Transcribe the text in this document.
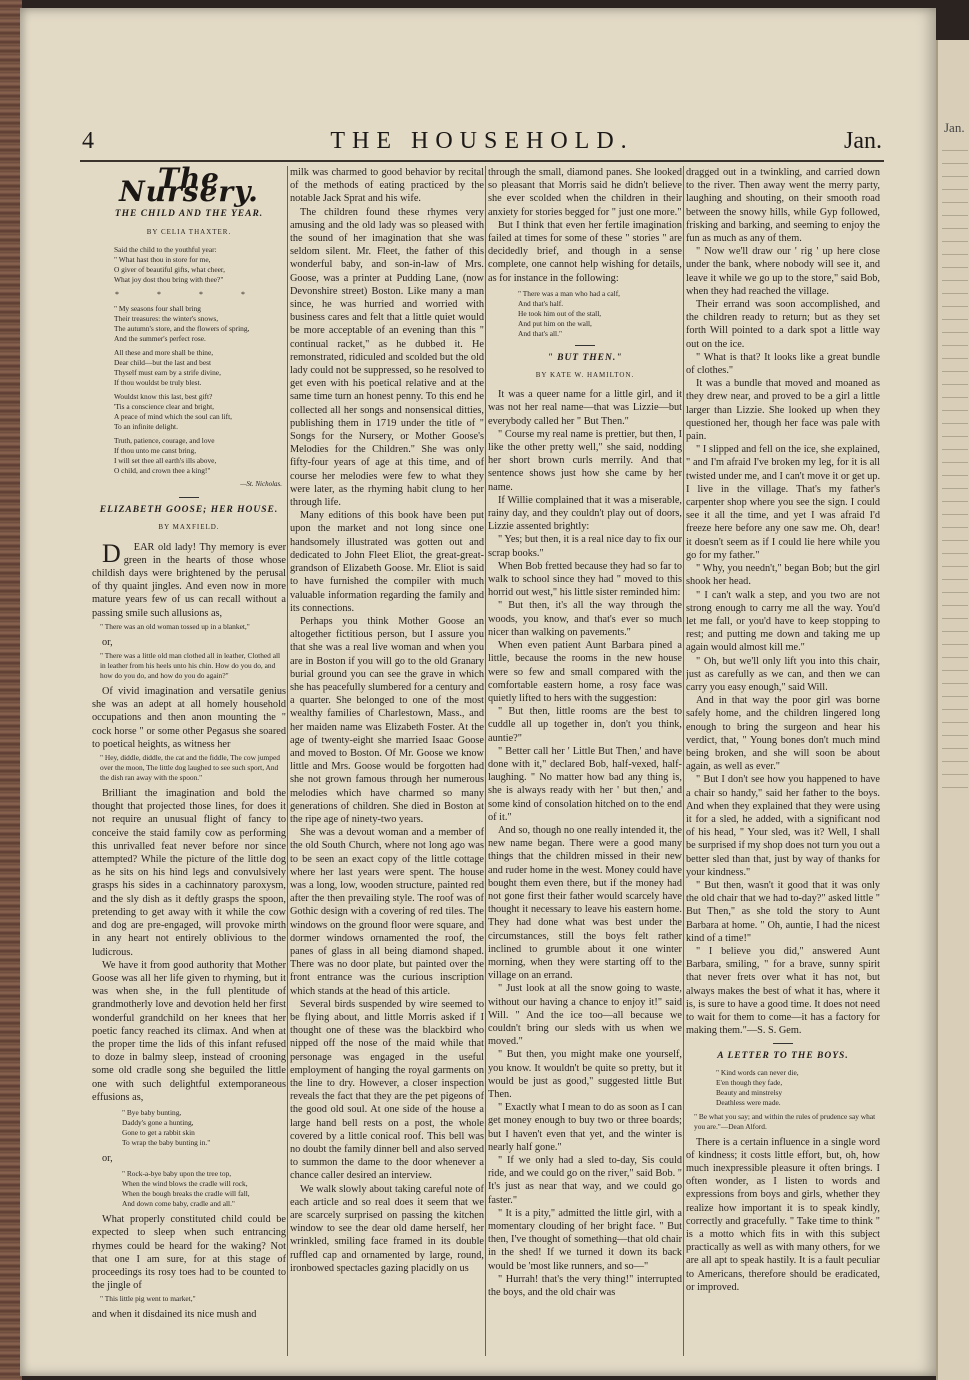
Jan.
4	THE HOUSEHOLD.	Jan.
The Nursery.
THE CHILD AND THE YEAR.
BY CELIA THAXTER.
Said the child to the youthful year:
" What hast thou in store for me,
O giver of beautiful gifts, what cheer,
What joy dost thou bring with thee?"
* * * *
" My seasons four shall bring
Their treasures: the winter's snows,
The autumn's store, and the flowers of spring,
And the summer's perfect rose.
All these and more shall be thine,
Dear child—but the last and best
Thyself must earn by a strife divine,
If thou wouldst be truly blest.
Wouldst know this last, best gift?
'Tis a conscience clear and bright,
A peace of mind which the soul can lift,
To an infinite delight.
Truth, patience, courage, and love
If thou unto me canst bring,
I will set thee all earth's ills above,
O child, and crown thee a king!"
—St. Nicholas.
ELIZABETH GOOSE; HER HOUSE.
BY MAXFIELD.

D EAR old lady! Thy memory is ever green in the hearts of those whose childish days were brightened by the perusal of thy quaint jingles. And even now in more mature years few of us can recall without a passing smile such allusions as,

" There was an old woman tossed up in a blanket,"

or,

" There was a little old man clothed all in leather, Clothed all in leather from his heels unto his chin. How do you do, and how do you do, and how do you do again?"

Of vivid imagination and versatile genius she was an adept at all homely household occupations and then anon mounting the " cock horse " or some other Pegasus she soared to poetical heights, as witness her

" Hey, diddle, diddle, the cat and the fiddle, The cow jumped over the moon, The little dog laughed to see such sport, And the dish ran away with the spoon."

Brilliant the imagination and bold the thought that projected those lines, for does it not require an unusual flight of fancy to conceive the staid family cow as performing this unrivalled feat never before nor since attempted? While the picture of the little dog as he sits on his hind legs and convulsively grasps his sides in a cachinnatory paroxysm, and the sly dish as it deftly grasps the spoon, pretending to get away with it while the cow and dog are pre-engaged, will provoke mirth in any heart not entirely oblivious to the ludicrous.

We have it from good authority that Mother Goose was all her life given to rhyming, but it was when she, in the full plentitude of grandmotherly love and devotion held her first wonderful grandchild on her knees that her poetic fancy reached its climax. And when at the proper time the lids of this infant refused to doze in balmy sleep, instead of crooning some old cradle song she beguiled the little one with such delightful extemporaneous effusions as,

" Bye baby bunting,
Daddy's gone a hunting,
Gone to get a rabbit skin
To wrap the baby bunting in."

or,

" Rock-a-bye baby upon the tree top,
When the wind blows the cradle will rock,
When the bough breaks the cradle will fall,
And down come baby, cradle and all."

What properly constituted child could be expected to sleep when such entrancing rhymes could be heard for the waking? Not that one I am sure, for at this stage of proceedings its rosy toes had to be counted to the jingle of

" This little pig went to market,"

and when it disdained its nice mush and

milk was charmed to good behavior by recital of the methods of eating practiced by the notable Jack Sprat and his wife.

The children found these rhymes very amusing and the old lady was so pleased with the sound of her imagination that she was seldom silent. Mr. Fleet, the father of this wonderful baby, and son-in-law of Mrs. Goose, was a printer at Pudding Lane, (now Devonshire street) Boston. Like many a man since, he was hurried and worried with business cares and felt that a little quiet would be more acceptable of an evening than this " continual racket," as he dubbed it. He remonstrated, ridiculed and scolded but the old lady could not be suppressed, so he resolved to get even with his poetical relative and at the same time turn an honest penny. To this end he collected all her songs and nonsensical ditties, publishing them in 1719 under the title of " Songs for the Nursery, or Mother Goose's Melodies for the Children." She was only fifty-four years of age at this time, and of course her melodies were few to what they were later, as the rhyming habit clung to her through life.

Many editions of this book have been put upon the market and not long since one handsomely illustrated was gotten out and dedicated to John Fleet Eliot, the great-great-grandson of Elizabeth Goose. Mr. Eliot is said to have furnished the compiler with much valuable information regarding the family and its connections.

Perhaps you think Mother Goose an altogether fictitious person, but I assure you that she was a real live woman and when you are in Boston if you will go to the old Granary burial ground you can see the grave in which she has peacefully slumbered for a century and a quarter. She belonged to one of the most wealthy families of Charlestown, Mass., and her maiden name was Elizabeth Foster. At the age of twenty-eight she married Isaac Goose and moved to Boston. Of Mr. Goose we know little and Mrs. Goose would be forgotten had she not grown famous through her numerous melodies which have charmed so many generations of children. She died in Boston at the ripe age of ninety-two years.

She was a devout woman and a member of the old South Church, where not long ago was to be seen an exact copy of the little cottage where her last years were spent. The house was a long, low, wooden structure, painted red after the then prevailing style. The roof was of Gothic design with a covering of red tiles. The windows on the ground floor were square, and dormer windows ornamented the roof, the panes of glass in all being diamond shaped. There was no door plate, but painted over the front entrance was the curious inscription which stands at the head of this article.

Several birds suspended by wire seemed to be flying about, and little Morris asked if I thought one of these was the blackbird who nipped off the nose of the maid while that personage was engaged in the useful employment of hanging the royal garments on the line to dry. However, a closer inspection reveals the fact that they are the pet pigeons of the good old soul. At one side of the house a large hand bell rests on a post, the whole covered by a little conical roof. This bell was no doubt the family dinner bell and also served to summon the dame to the door whenever a chance caller desired an interview.

We walk slowly about taking careful note of each article and so real does it seem that we are scarcely surprised on passing the kitchen window to see the dear old dame herself, her wrinkled, smiling face framed in its double ruffled cap and ornamented by large, round, ironbowed spectacles gazing placidly on us

through the small, diamond panes. She looked so pleasant that Morris said he didn't believe she ever scolded when the children in their anxiety for stories begged for " just one more."

But I think that even her fertile imagination failed at times for some of these " stories " are decidedly brief, and though in a sense complete, one cannot help wishing for details, as for instance in the following:

" There was a man who had a calf,
And that's half.
He took him out of the stall,
And put him on the wall,
And that's all."
" BUT THEN."
BY KATE W. HAMILTON.

It was a queer name for a little girl, and it was not her real name—that was Lizzie—but everybody called her " But Then."

" Course my real name is prettier, but then, I like the other pretty well," she said, nodding her short brown curls merrily. And that sentence shows just how she came by her name.

If Willie complained that it was a miserable, rainy day, and they couldn't play out of doors, Lizzie assented brightly:

" Yes; but then, it is a real nice day to fix our scrap books."

When Bob fretted because they had so far to walk to school since they had " moved to this horrid out west," his little sister reminded him:

" But then, it's all the way through the woods, you know, and that's ever so much nicer than walking on pavements."

When even patient Aunt Barbara pined a little, because the rooms in the new house were so few and small compared with the comfortable eastern home, a rosy face was quietly lifted to hers with the suggestion:

" But then, little rooms are the best to cuddle all up together in, don't you think, auntie?"

" Better call her ' Little But Then,' and have done with it," declared Bob, half-vexed, half-laughing. " No matter how bad any thing is, she is always ready with her ' but then,' and some kind of consolation hitched on to the end of it."

And so, though no one really intended it, the new name began. There were a good many things that the children missed in their new and ruder home in the west. Money could have bought them even there, but if the money had not gone first their father would scarcely have thought it necessary to leave his eastern home. They had done what was best under the circumstances, still the boys felt rather inclined to grumble about it one winter morning, when they were starting off to the village on an errand.

" Just look at all the snow going to waste, without our having a chance to enjoy it!" said Will. " And the ice too—all because we couldn't bring our sleds with us when we moved."

" But then, you might make one yourself, you know. It wouldn't be quite so pretty, but it would be just as good," suggested little But Then.

" Exactly what I mean to do as soon as I can get money enough to buy two or three boards; but I haven't even that yet, and the winter is nearly half gone."

" If we only had a sled to-day, Sis could ride, and we could go on the river," said Bob. " It's just as near that way, and we could go faster."

" It is a pity," admitted the little girl, with a momentary clouding of her bright face. " But then, I've thought of something—that old chair in the shed! If we turned it down its back would be 'most like runners, and so—"

" Hurrah! that's the very thing!" interrupted the boys, and the old chair was

dragged out in a twinkling, and carried down to the river. Then away went the merry party, laughing and shouting, on their smooth road between the snowy hills, while Gyp followed, frisking and barking, and seeming to enjoy the fun as much as any of them.

" Now we'll draw our ' rig ' up here close under the bank, where nobody will see it, and leave it while we go up to the store," said Bob, when they had reached the village.

Their errand was soon accomplished, and the children ready to return; but as they set forth Will pointed to a dark spot a little way out on the ice.

" What is that? It looks like a great bundle of clothes."

It was a bundle that moved and moaned as they drew near, and proved to be a girl a little larger than Lizzie. She looked up when they questioned her, though her face was pale with pain.

" I slipped and fell on the ice, she explained, " and I'm afraid I've broken my leg, for it is all twisted under me, and I can't move it or get up. I live in the village. That's my father's carpenter shop where you see the sign. I could see it all the time, and yet I was afraid I'd freeze here before any one saw me. Oh, dear! it doesn't seem as if I could lie here while you go for my father."

" Why, you needn't," began Bob; but the girl shook her head.

" I can't walk a step, and you two are not strong enough to carry me all the way. You'd let me fall, or you'd have to keep stopping to rest; and putting me down and taking me up again would almost kill me."

" Oh, but we'll only lift you into this chair, just as carefully as we can, and then we can carry you easy enough," said Will.

And in that way the poor girl was borne safely home, and the children lingered long enough to bring the surgeon and hear his verdict, that, " Young bones don't much mind being broken, and she will soon be about again, as well as ever."

" But I don't see how you happened to have a chair so handy," said her father to the boys. And when they explained that they were using it for a sled, he added, with a significant nod of his head, " Your sled, was it? Well, I shall be surprised if my shop does not turn you out a better sled than that, just by way of thanks for your kindness."

" But then, wasn't it good that it was only the old chair that we had to-day?" asked little " But Then," as she told the story to Aunt Barbara at home. " Oh, auntie, I had the nicest kind of a time!"

" I believe you did," answered Aunt Barbara, smiling, " for a brave, sunny spirit that never frets over what it has not, but always makes the best of what it has, where it is, is sure to have a good time. It does not need to wait for them to come—it has a factory for making them."—S. S. Gem.

A LETTER TO THE BOYS.
" Kind words can never die,
E'en though they fade,
Beauty and minstrelsy
Deathless were made.
" Be what you say; and within the rules of prudence say what you are."—Dean Alford.

There is a certain influence in a single word of kindness; it costs little effort, but, oh, how much inexpressible pleasure it often brings. I often wonder, as I listen to words and expressions from boys and girls, whether they realize how important it is to speak kindly, correctly and gracefully. " Take time to think " is a motto which fits in with this subject practically as well as with many others, for we are all apt to speak hastily. It is a fault peculiar to Americans, therefore should be eradicated, or improved.
